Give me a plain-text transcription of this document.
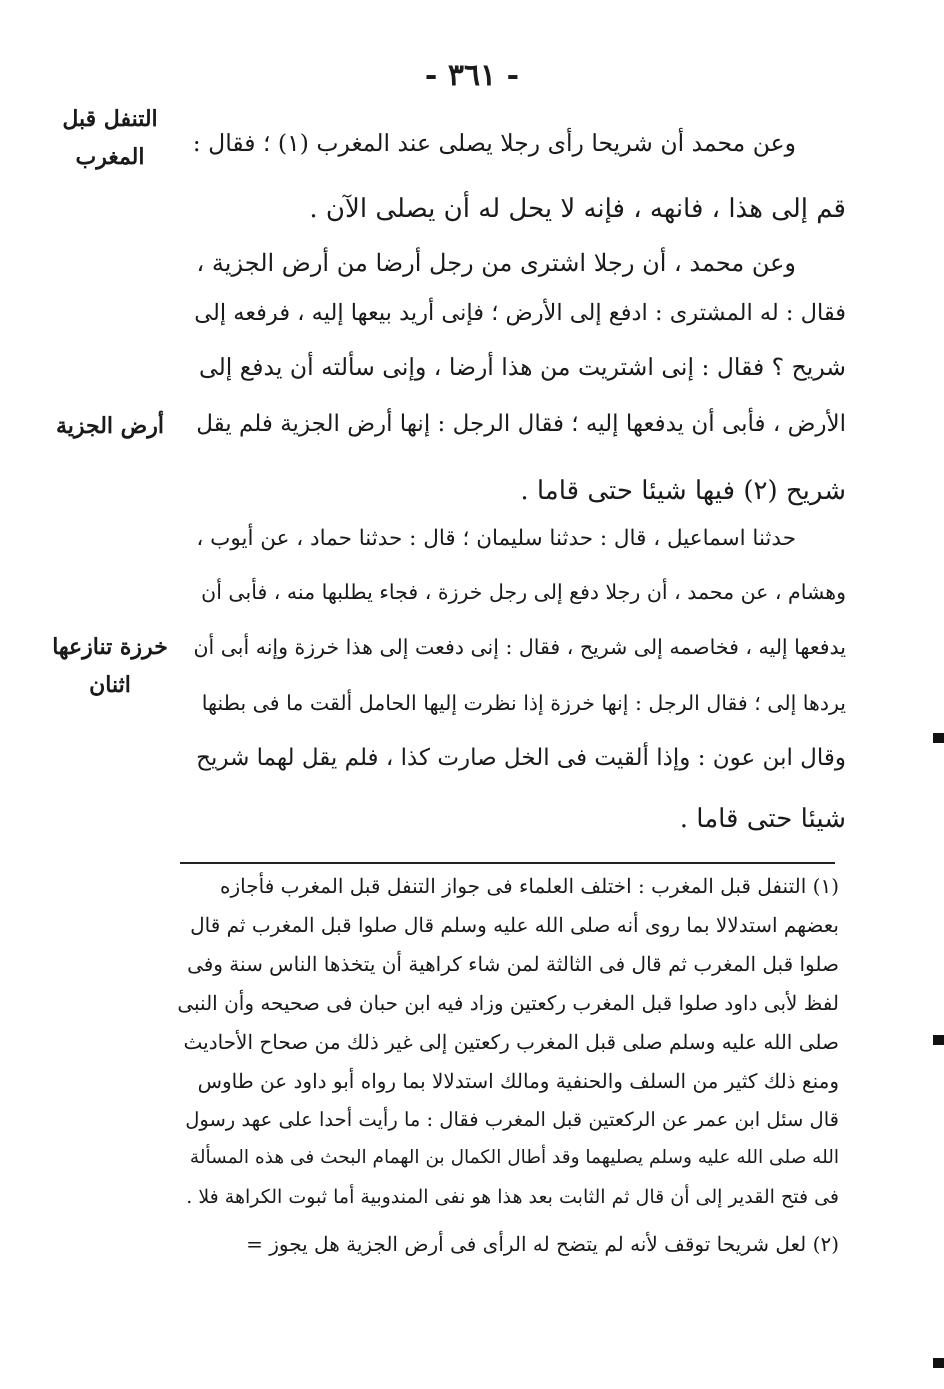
- ٣٦١ -
التنفل قبل
المغرب
أرض الجزية
خرزة تنازعها
اثنان
وعن محمد أن شريحا رأى رجلا يصلى عند المغرب (١) ؛ فقال :
قم إلى هذا ، فانهه ، فإنه لا يحل له أن يصلى الآن .
وعن محمد ، أن رجلا اشترى من رجل أرضا من أرض الجزية ،
فقال : له المشترى : ادفع إلى الأرض ؛ فإنى أريد بيعها إليه ، فرفعه إلى
شريح ؟ فقال : إنى اشتريت من هذا أرضا ، وإنى سألته أن يدفع إلى
الأرض ، فأبى أن يدفعها إليه ؛ فقال الرجل : إنها أرض الجزية فلم يقل
شريح (٢) فيها شيئا حتى قاما .
حدثنا اسماعيل ، قال : حدثنا سليمان ؛ قال : حدثنا حماد ، عن أيوب ،
وهشام ، عن محمد ، أن رجلا دفع إلى رجل خرزة ، فجاء يطلبها منه ، فأبى أن
يدفعها إليه ، فخاصمه إلى شريح ، فقال : إنى دفعت إلى هذا خرزة وإنه أبى أن
يردها إلى ؛ فقال الرجل : إنها خرزة إذا نظرت إليها الحامل ألقت ما فى بطنها
وقال ابن عون : وإذا ألقيت فى الخل صارت كذا ، فلم يقل لهما شريح
شيئا حتى قاما .
(١) التنفل قبل المغرب : اختلف العلماء فى جواز التنفل قبل المغرب فأجازه
بعضهم استدلالا بما روى أنه صلى الله عليه وسلم قال صلوا قبل المغرب ثم قال
صلوا قبل المغرب ثم قال فى الثالثة لمن شاء كراهية أن يتخذها الناس سنة وفى
لفظ لأبى داود صلوا قبل المغرب ركعتين وزاد فيه ابن حبان فى صحيحه وأن النبى
صلى الله عليه وسلم صلى قبل المغرب ركعتين إلى غير ذلك من صحاح الأحاديث
ومنع ذلك كثير من السلف والحنفية ومالك استدلالا بما رواه أبو داود عن طاوس
قال سئل ابن عمر عن الركعتين قبل المغرب فقال : ما رأيت أحدا على عهد رسول
الله صلى الله عليه وسلم يصليهما وقد أطال الكمال بن الهمام البحث فى هذه المسألة
فى فتح القدير إلى أن قال ثم الثابت بعد هذا هو نفى المندوبية أما ثبوت الكراهة فلا .
(٢) لعل شريحا توقف لأنه لم يتضح له الرأى فى أرض الجزية هل يجوز =
